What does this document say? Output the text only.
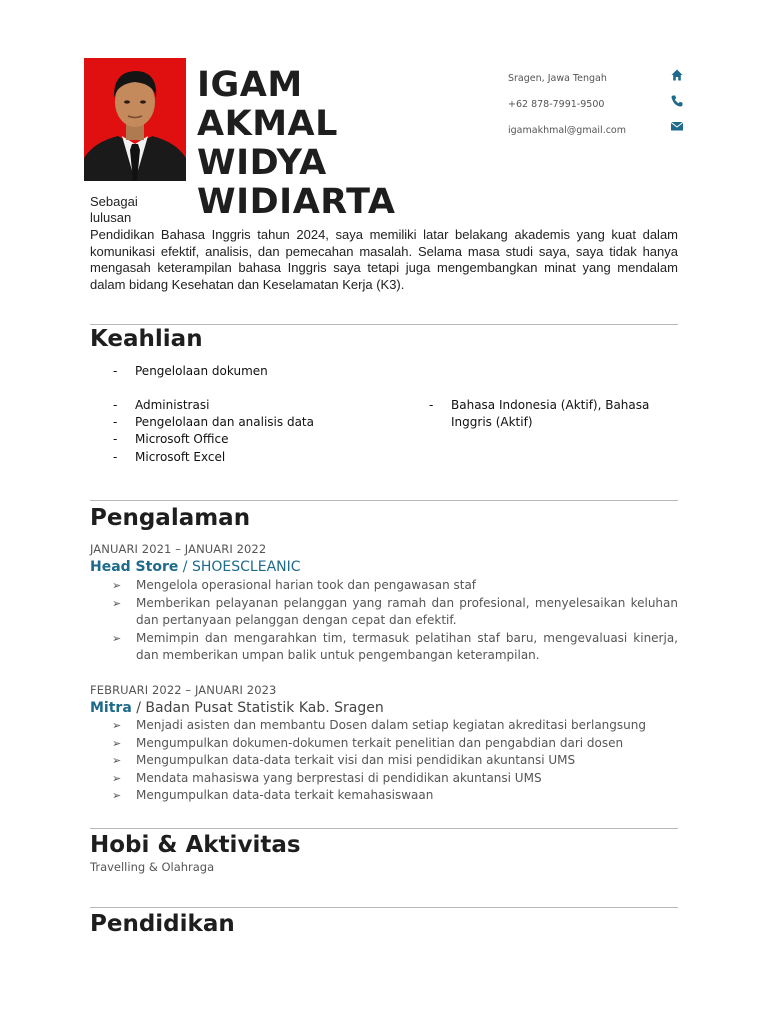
IGAM
AKMAL
WIDYA
WIDIARTA
Sragen, Jawa Tengah
+62 878-7991-9500
igamakhmal@gmail.com
Sebagai
lulusan

Pendidikan Bahasa Inggris tahun 2024, saya memiliki latar belakang akademis yang kuat dalam komunikasi efektif, analisis, dan pemecahan masalah. Selama masa studi saya, saya tidak hanya mengasah keterampilan bahasa Inggris saya tetapi juga mengembangkan minat yang mendalam dalam bidang Kesehatan dan Keselamatan Kerja (K3).

Keahlian
- Pengelolaan dokumen
- Administrasi
- Pengelolaan dan analisis data
- Microsoft Office
- Microsoft Excel
- Bahasa Indonesia (Aktif), Bahasa Inggris (Aktif)
Pengalaman
JANUARI 2021 – JANUARI 2022
Head Store / SHOESCLEANIC
➢ Mengelola operasional harian took dan pengawasan staf
➢ Memberikan pelayanan pelanggan yang ramah dan profesional, menyelesaikan keluhan dan pertanyaan pelanggan dengan cepat dan efektif.
➢ Memimpin dan mengarahkan tim, termasuk pelatihan staf baru, mengevaluasi kinerja, dan memberikan umpan balik untuk pengembangan keterampilan.
FEBRUARI 2022 – JANUARI 2023
Mitra / Badan Pusat Statistik Kab. Sragen
➢ Menjadi asisten dan membantu Dosen dalam setiap kegiatan akreditasi berlangsung
➢ Mengumpulkan dokumen-dokumen terkait penelitian dan pengabdian dari dosen
➢ Mengumpulkan data-data terkait visi dan misi pendidikan akuntansi UMS
➢ Mendata mahasiswa yang berprestasi di pendidikan akuntansi UMS
➢ Mengumpulkan data-data terkait kemahasiswaan
Hobi & Aktivitas
Travelling & Olahraga
Pendidikan
